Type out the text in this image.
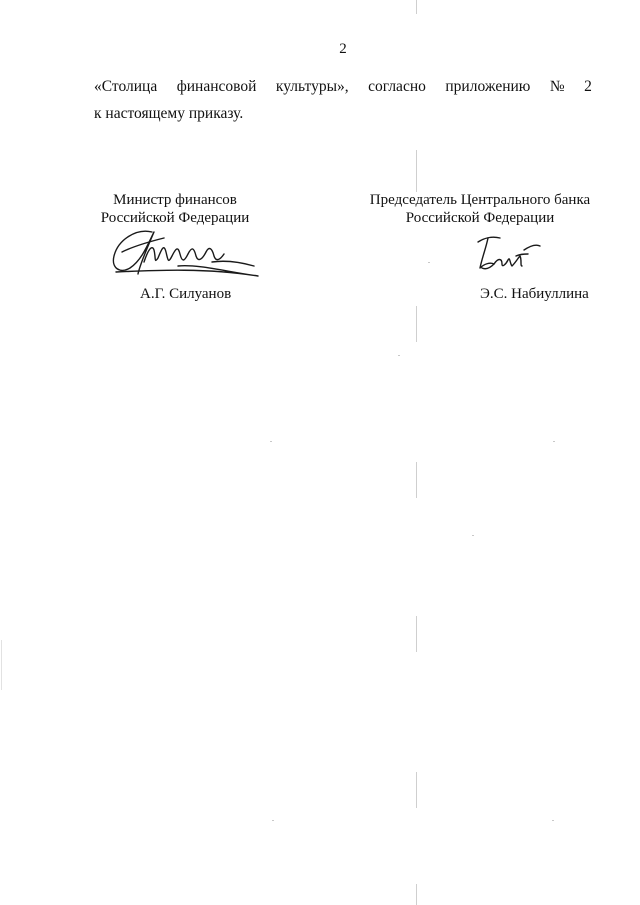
2
«Столица финансовой культуры», согласно приложению № 2
к настоящему приказу.
Министр финансов
Российской Федерации
А.Г. Силуанов
Председатель Центрального банка
Российской Федерации
Э.С. Набиуллина
